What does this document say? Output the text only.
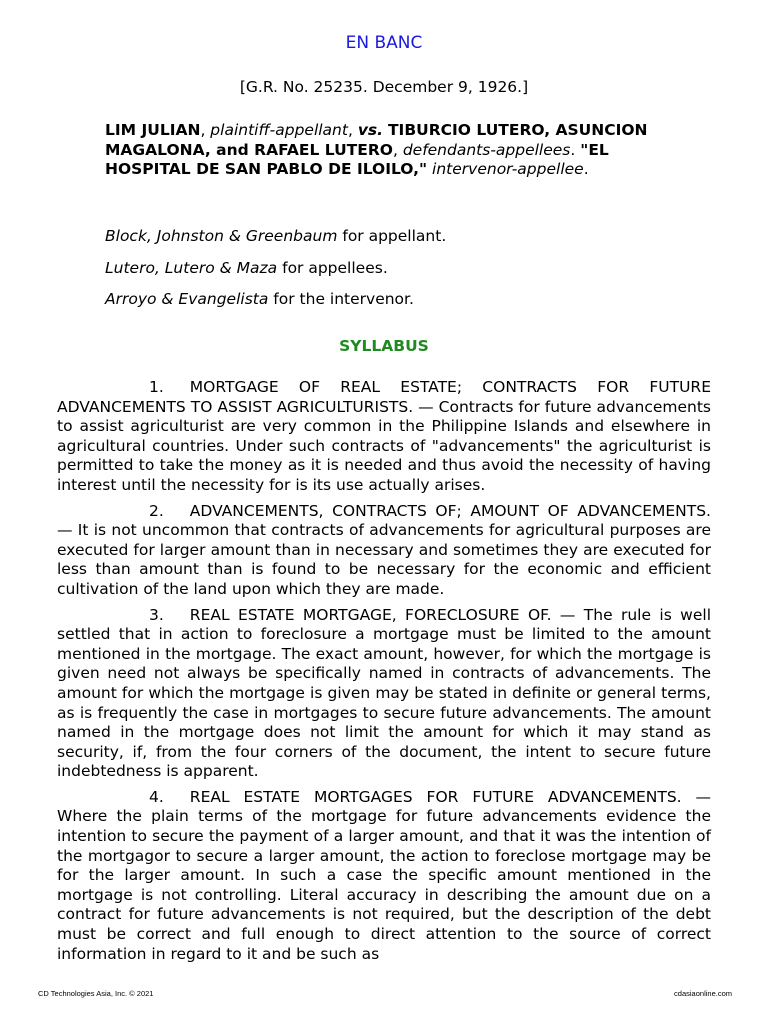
EN BANC
[G.R. No. 25235. December 9, 1926.]
LIM JULIAN, plaintiff-appellant, vs. TIBURCIO LUTERO, ASUNCION MAGALONA, and RAFAEL LUTERO, defendants-appellees. "EL HOSPITAL DE SAN PABLO DE ILOILO," intervenor-appellee.
Block, Johnston & Greenbaum for appellant.
Lutero, Lutero & Maza for appellees.
Arroyo & Evangelista for the intervenor.
SYLLABUS

1. MORTGAGE OF REAL ESTATE; CONTRACTS FOR FUTURE ADVANCEMENTS TO ASSIST AGRICULTURISTS. — Contracts for future advancements to assist agriculturist are very common in the Philippine Islands and elsewhere in agricultural countries. Under such contracts of "advancements" the agriculturist is permitted to take the money as it is needed and thus avoid the necessity of having interest until the necessity for is its use actually arises.

2. ADVANCEMENTS, CONTRACTS OF; AMOUNT OF ADVANCEMENTS. — It is not uncommon that contracts of advancements for agricultural purposes are executed for larger amount than in necessary and sometimes they are executed for less than amount than is found to be necessary for the economic and efficient cultivation of the land upon which they are made.

3. REAL ESTATE MORTGAGE, FORECLOSURE OF. — The rule is well settled that in action to foreclosure a mortgage must be limited to the amount mentioned in the mortgage. The exact amount, however, for which the mortgage is given need not always be specifically named in contracts of advancements. The amount for which the mortgage is given may be stated in definite or general terms, as is frequently the case in mortgages to secure future advancements. The amount named in the mortgage does not limit the amount for which it may stand as security, if, from the four corners of the document, the intent to secure future indebtedness is apparent.

4. REAL ESTATE MORTGAGES FOR FUTURE ADVANCEMENTS. — Where the plain terms of the mortgage for future advancements evidence the intention to secure the payment of a larger amount, and that it was the intention of the mortgagor to secure a larger amount, the action to foreclose mortgage may be for the larger amount. In such a case the specific amount mentioned in the mortgage is not controlling. Literal accuracy in describing the amount due on a contract for future advancements is not required, but the description of the debt must be correct and full enough to direct attention to the source of correct information in regard to it and be such as

CD Technologies Asia, Inc. © 2021	cdasiaonline.com
